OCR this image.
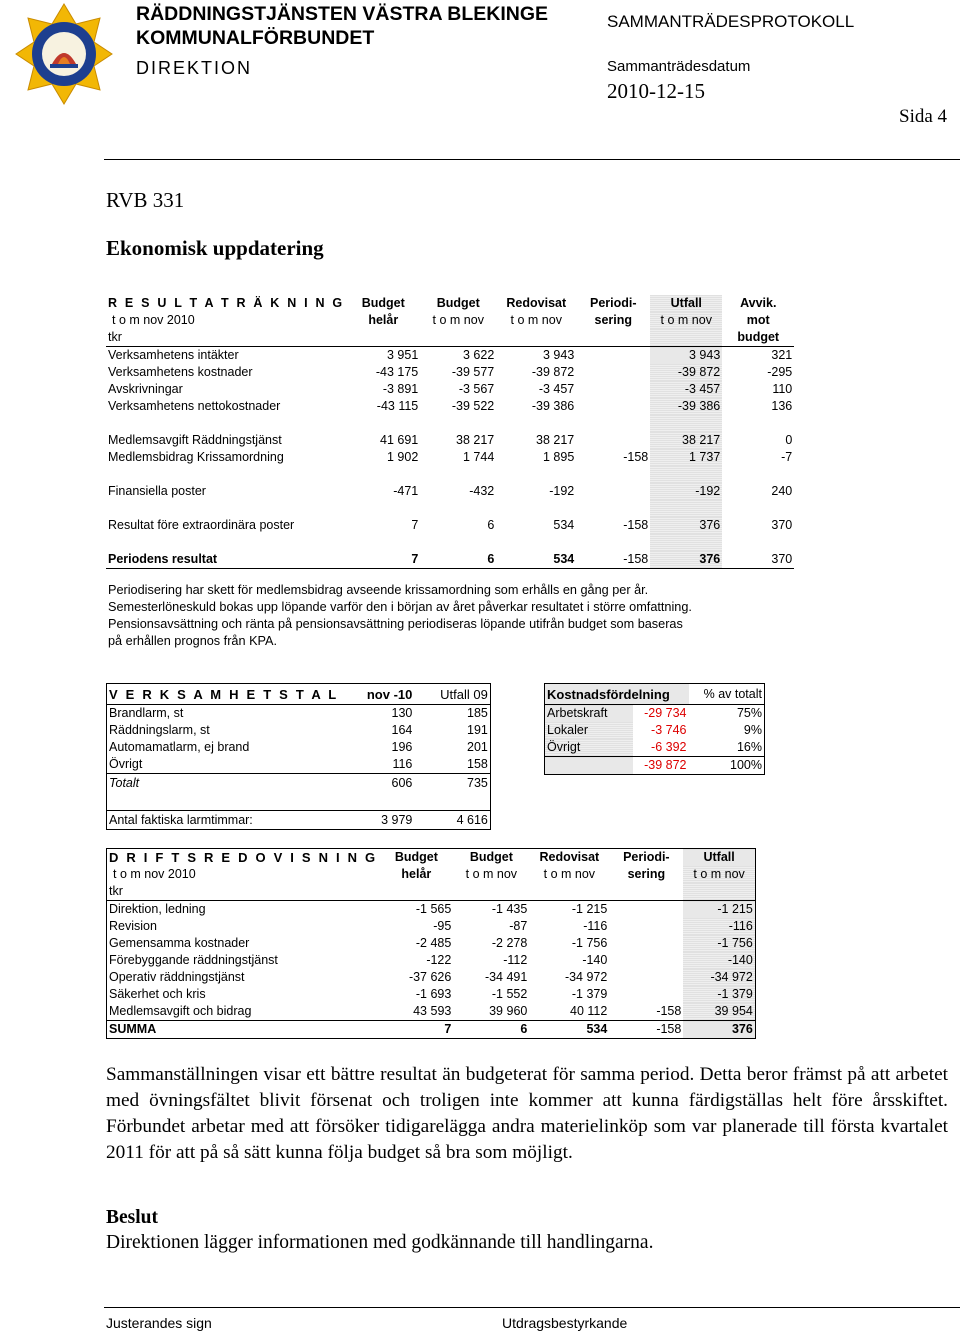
RÄDDNINGSTJÄNSTEN VÄSTRA BLEKINGE
KOMMUNALFÖRBUNDET
DIREKTION
SAMMANTRÄDESPROTOKOLL
Sammanträdesdatum
2010-12-15
Sida 4
RVB 331
Ekonomisk uppdatering
R E S U L T A T R Ä K N I N G	Budget	Budget	Redovisat	Periodi-	Utfall	Avvik.
t o m nov 2010	helår	t o m nov	t o m nov	sering	t o m nov	mot
tkr						budget
Verksamhetens intäkter	3 951	3 622	3 943		3 943	321
Verksamhetens kostnader	-43 175	-39 577	-39 872		-39 872	-295
Avskrivningar	-3 891	-3 567	-3 457		-3 457	110
Verksamhetens nettokostnader	-43 115	-39 522	-39 386		-39 386	136

Medlemsavgift Räddningstjänst	41 691	38 217	38 217		38 217	0
Medlemsbidrag Krissamordning	1 902	1 744	1 895	-158	1 737	-7

Finansiella poster	-471	-432	-192		-192	240

Resultat före extraordinära poster	7	6	534	-158	376	370

Periodens resultat	7	6	534	-158	376	370
Periodisering har skett för medlemsbidrag avseende krissamordning som erhålls en gång per år.
Semesterlöneskuld bokas upp löpande varför den i början av året påverkar resultatet i större omfattning.
Pensionsavsättning och ränta på pensionsavsättning periodiseras löpande utifrån budget som baseras
på erhållen prognos från KPA.
V E R K S A M H E T S T A L	nov -10	Utfall 09
Brandlarm, st	130	185
Räddningslarm, st	164	191
Automamatlarm, ej brand	196	201
Övrigt	116	158
Totalt	606	735

Antal faktiska larmtimmar:	3 979	4 616
Kostnadsfördelning		% av totalt
Arbetskraft	-29 734	75%
Lokaler	-3 746	9%
Övrigt	-6 392	16%
	-39 872	100%
D R I F T S R E D O V I S N I N G	Budget	Budget	Redovisat	Periodi-	Utfall
t o m nov 2010	helår	t o m nov	t o m nov	sering	t o m nov
tkr					
Direktion, ledning	-1 565	-1 435	-1 215		-1 215
Revision	-95	-87	-116		-116
Gemensamma kostnader	-2 485	-2 278	-1 756		-1 756
Förebyggande räddningstjänst	-122	-112	-140		-140
Operativ räddningstjänst	-37 626	-34 491	-34 972		-34 972
Säkerhet och kris	-1 693	-1 552	-1 379		-1 379
Medlemsavgift och bidrag	43 593	39 960	40 112	-158	39 954
SUMMA	7	6	534	-158	376
Sammanställningen visar ett bättre resultat än budgeterat för samma period. Detta beror främst på att arbetet med övningsfältet blivit försenat och troligen inte kommer att kunna färdigställas helt före årsskiftet. Förbundet arbetar med att försöker tidigarelägga andra materielinköp som var planerade till första kvartalet 2011 för att på så sätt kunna följa budget så bra som möjligt.
Beslut
Direktionen lägger informationen med godkännande till handlingarna.
Justerandes sign	Utdragsbestyrkande
